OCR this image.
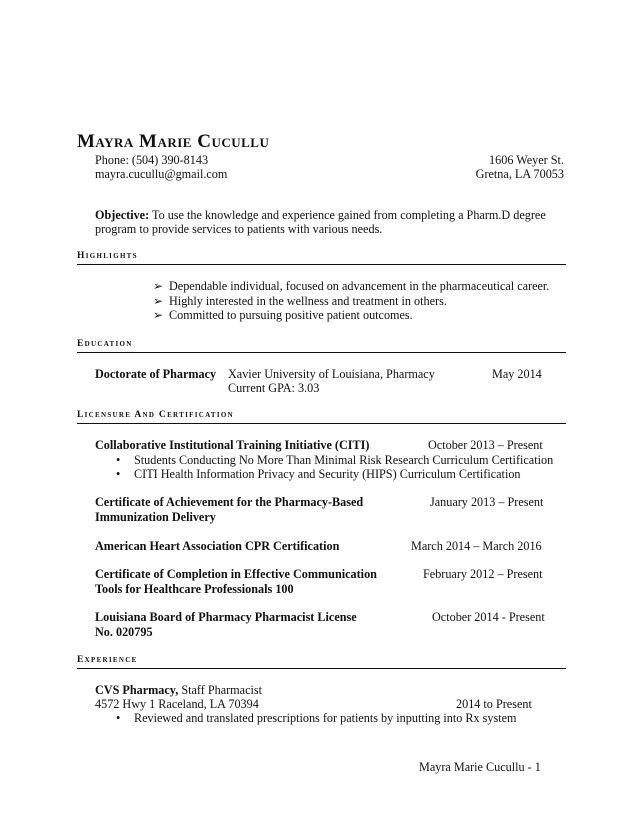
Mayra Marie Cucullu
Phone: (504) 390-8143
mayra.cucullu@gmail.com
1606 Weyer St.
Gretna, LA 70053
Objective: To use the knowledge and experience gained from completing a Pharm.D degree
program to provide services to patients with various needs.
Highlights
➢ Dependable individual, focused on advancement in the pharmaceutical career.
➢ Highly interested in the wellness and treatment in others.
➢ Committed to pursuing positive patient outcomes.
Education
Doctorate of Pharmacy Xavier University of Louisiana, Pharmacy	May 2014
Current GPA: 3.03
Licensure And Certification
Collaborative Institutional Training Initiative (CITI)	October 2013 – Present
• Students Conducting No More Than Minimal Risk Research Curriculum Certification
• CITI Health Information Privacy and Security (HIPS) Curriculum Certification
Certificate of Achievement for the Pharmacy-Based
Immunization Delivery
January 2013 – Present
American Heart Association CPR Certification	March 2014 – March 2016
Certificate of Completion in Effective Communication
Tools for Healthcare Professionals 100
February 2012 – Present
Louisiana Board of Pharmacy Pharmacist License
No. 020795
October 2014 - Present
Experience
CVS Pharmacy, Staff Pharmacist
4572 Hwy 1 Raceland, LA 70394	2014 to Present
• Reviewed and translated prescriptions for patients by inputting into Rx system
Mayra Marie Cucullu - 1
